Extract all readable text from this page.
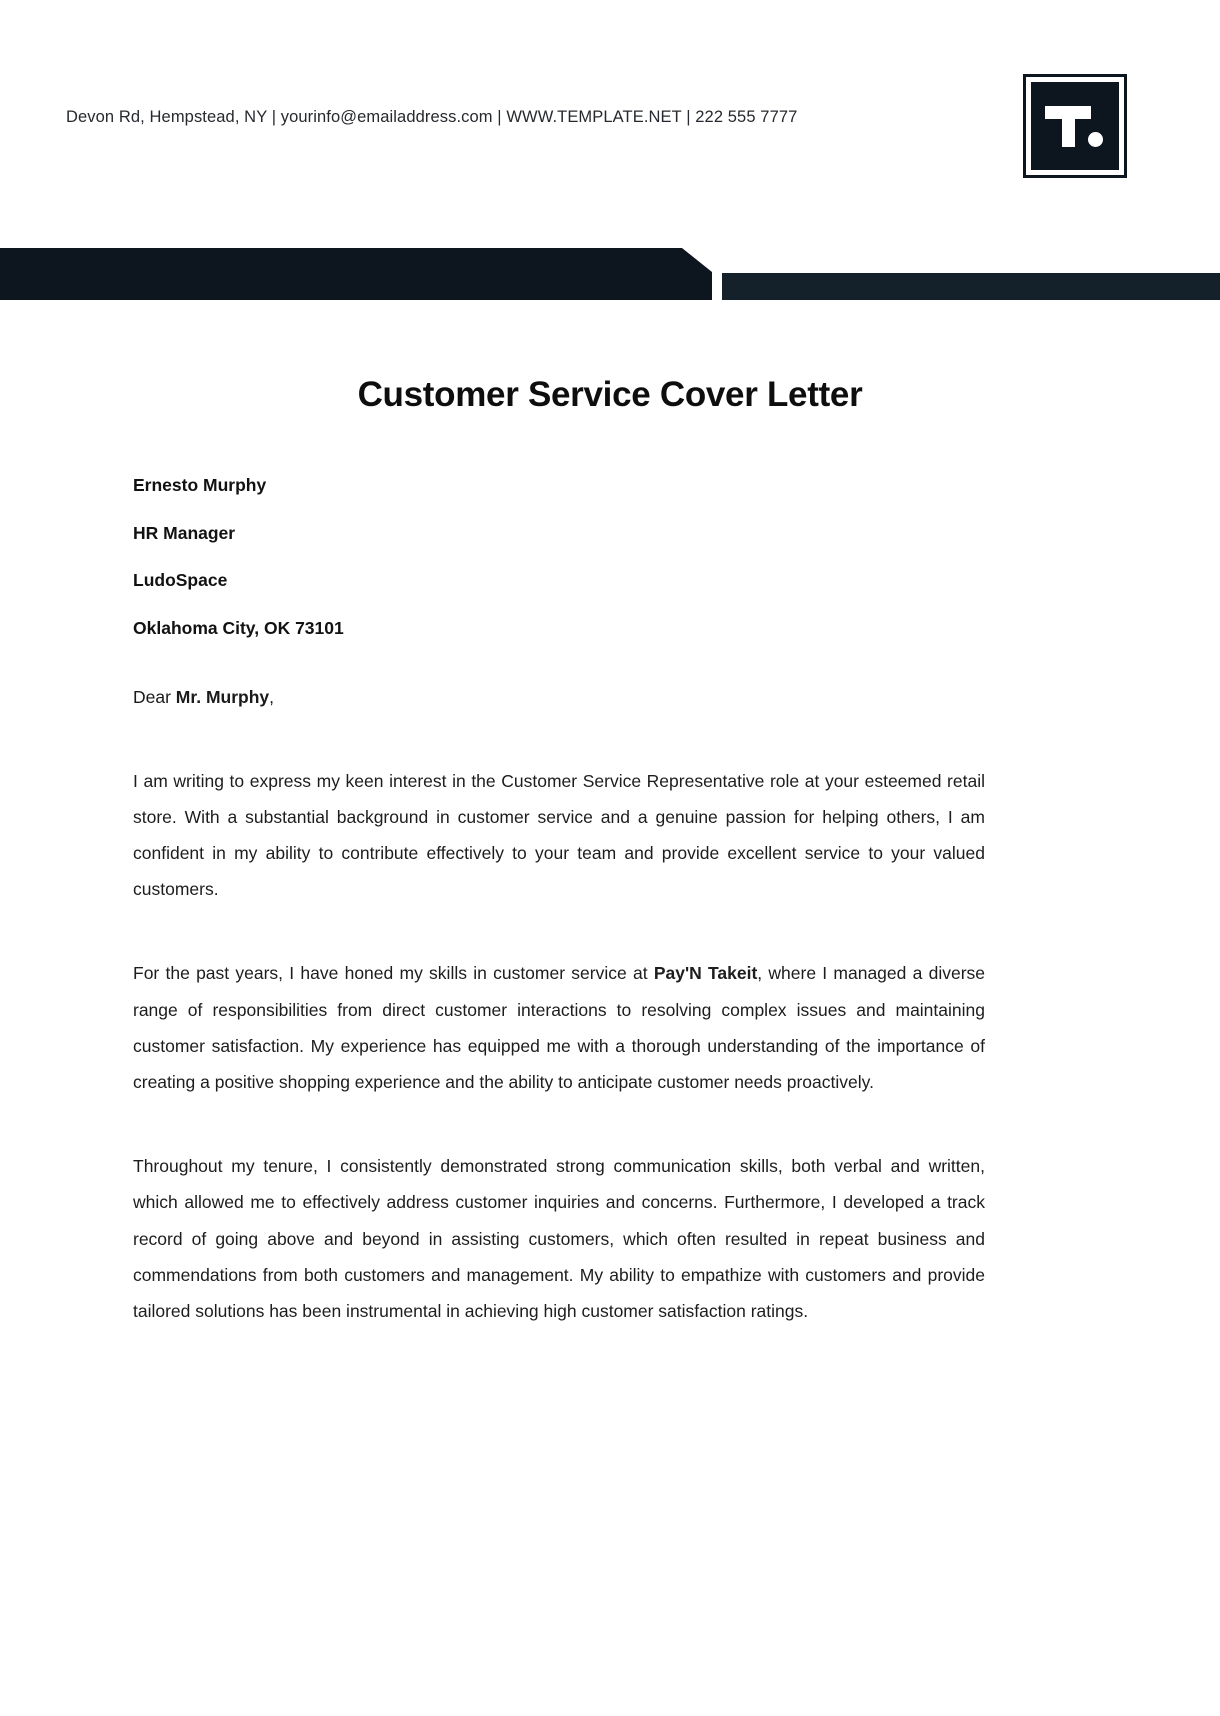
Devon Rd, Hempstead, NY | yourinfo@emailaddress.com | WWW.TEMPLATE.NET | 222 555 7777
Customer Service Cover Letter
Ernesto Murphy
HR Manager
LudoSpace
Oklahoma City, OK 73101
Dear Mr. Murphy,

I am writing to express my keen interest in the Customer Service Representative role at your esteemed retail store. With a substantial background in customer service and a genuine passion for helping others, I am confident in my ability to contribute effectively to your team and provide excellent service to your valued customers.

For the past years, I have honed my skills in customer service at Pay'N Takeit, where I managed a diverse range of responsibilities from direct customer interactions to resolving complex issues and maintaining customer satisfaction. My experience has equipped me with a thorough understanding of the importance of creating a positive shopping experience and the ability to anticipate customer needs proactively.

Throughout my tenure, I consistently demonstrated strong communication skills, both verbal and written, which allowed me to effectively address customer inquiries and concerns. Furthermore, I developed a track record of going above and beyond in assisting customers, which often resulted in repeat business and commendations from both customers and management. My ability to empathize with customers and provide tailored solutions has been instrumental in achieving high customer satisfaction ratings.
